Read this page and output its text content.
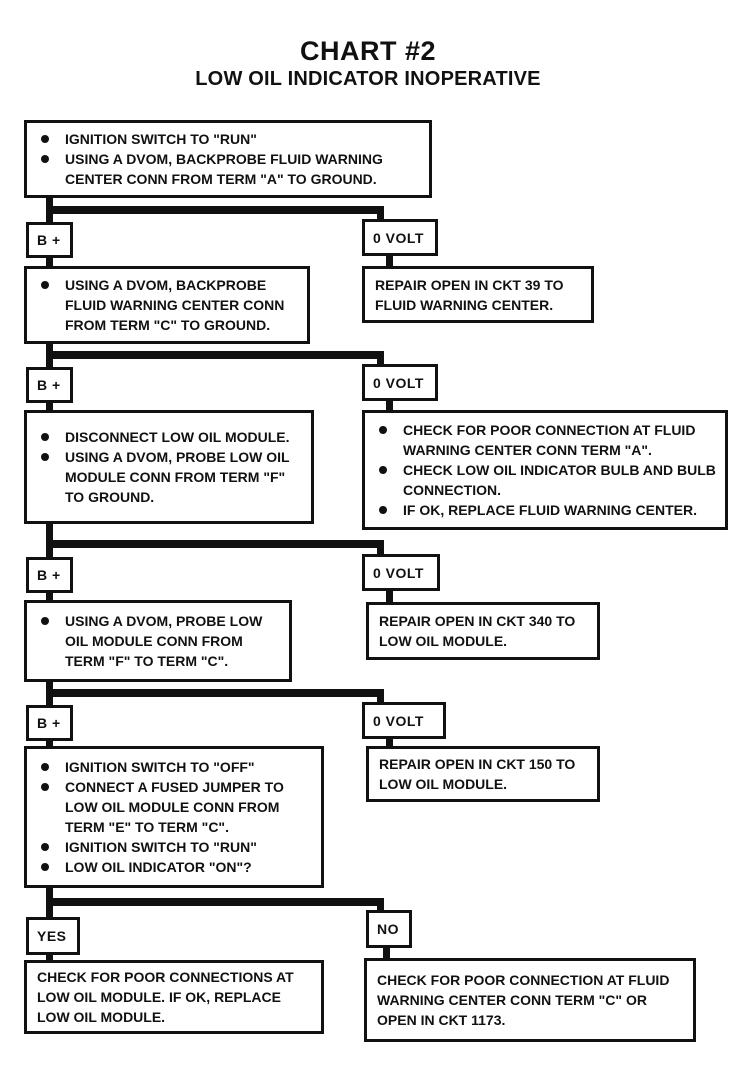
CHART #2
LOW OIL INDICATOR INOPERATIVE
IGNITION SWITCH TO "RUN"
USING A DVOM, BACKPROBE FLUID WARNING CENTER CONN FROM TERM "A" TO GROUND.
B +	0 VOLT
USING A DVOM, BACKPROBE FLUID WARNING CENTER CONN FROM TERM "C" TO GROUND.
REPAIR OPEN IN CKT 39 TO FLUID WARNING CENTER.
B +	0 VOLT
DISCONNECT LOW OIL MODULE.
USING A DVOM, PROBE LOW OIL MODULE CONN FROM TERM "F" TO GROUND.
CHECK FOR POOR CONNECTION AT FLUID WARNING CENTER CONN TERM "A".
CHECK LOW OIL INDICATOR BULB AND BULB CONNECTION.
IF OK, REPLACE FLUID WARNING CENTER.
B +	0 VOLT
USING A DVOM, PROBE LOW OIL MODULE CONN FROM TERM "F" TO TERM "C".
REPAIR OPEN IN CKT 340 TO LOW OIL MODULE.
B +	0 VOLT
IGNITION SWITCH TO "OFF"
CONNECT A FUSED JUMPER TO LOW OIL MODULE CONN FROM TERM "E" TO TERM "C".
IGNITION SWITCH TO "RUN"
LOW OIL INDICATOR "ON"?
REPAIR OPEN IN CKT 150 TO LOW OIL MODULE.
YES	NO
CHECK FOR POOR CONNECTIONS AT LOW OIL MODULE. IF OK, REPLACE LOW OIL MODULE.
CHECK FOR POOR CONNECTION AT FLUID WARNING CENTER CONN TERM "C" OR OPEN IN CKT 1173.
